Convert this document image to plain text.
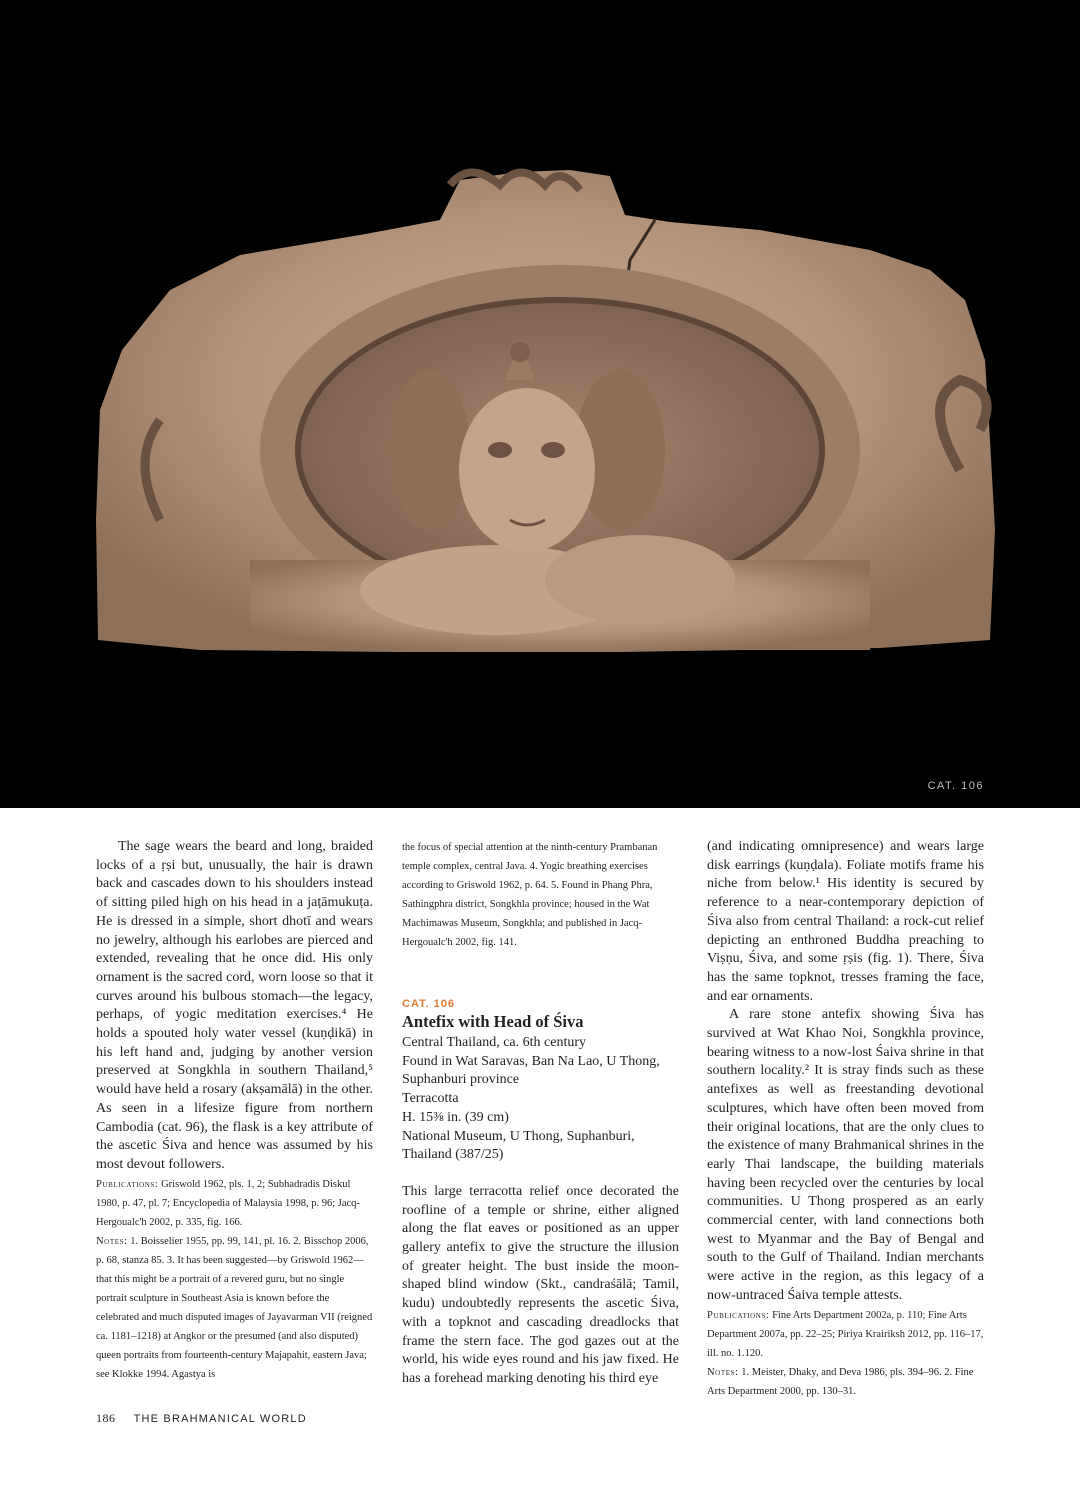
CAT. 106

The sage wears the beard and long, braided locks of a ṛṣi but, unusually, the hair is drawn back and cascades down to his shoulders instead of sitting piled high on his head in a jaṭāmukuṭa. He is dressed in a simple, short dhotī and wears no jewelry, although his earlobes are pierced and extended, revealing that he once did. His only ornament is the sacred cord, worn loose so that it curves around his bulbous stomach—the legacy, perhaps, of yogic meditation exercises.⁴ He holds a spouted holy water vessel (kuṇḍikā) in his left hand and, judging by another version preserved at Songkhla in southern Thailand,⁵ would have held a rosary (akṣamālā) in the other. As seen in a lifesize figure from northern Cambodia (cat. 96), the flask is a key attribute of the ascetic Śiva and hence was assumed by his most devout followers.

Publications: Griswold 1962, pls. 1, 2; Subhadradis Diskul 1980, p. 47, pl. 7; Encyclopedia of Malaysia 1998, p. 96; Jacq-Hergoualc'h 2002, p. 335, fig. 166.

Notes: 1. Boisselier 1955, pp. 99, 141, pl. 16. 2. Bisschop 2006, p. 68, stanza 85. 3. It has been suggested—by Griswold 1962—that this might be a portrait of a revered guru, but no single portrait sculpture in Southeast Asia is known before the celebrated and much disputed images of Jayavarman VII (reigned ca. 1181–1218) at Angkor or the presumed (and also disputed) queen portraits from fourteenth-century Majapahit, eastern Java; see Klokke 1994. Agastya is

the focus of special attention at the ninth-century Prambanan temple complex, central Java. 4. Yogic breathing exercises according to Griswold 1962, p. 64. 5. Found in Phang Phra, Sathingphra district, Songkhla province; housed in the Wat Machimawas Museum, Songkhla; and published in Jacq-Hergoualc'h 2002, fig. 141.

CAT. 106
Antefix with Head of Śiva

Central Thailand, ca. 6th century

Found in Wat Saravas, Ban Na Lao, U Thong, Suphanburi province

Terracotta

H. 15⅜ in. (39 cm)

National Museum, U Thong, Suphanburi, Thailand (387/25)

This large terracotta relief once decorated the roofline of a temple or shrine, either aligned along the flat eaves or positioned as an upper gallery antefix to give the structure the illusion of greater height. The bust inside the moon-shaped blind window (Skt., candraśālā; Tamil, kudu) undoubtedly represents the ascetic Śiva, with a topknot and cascading dreadlocks that frame the stern face. The god gazes out at the world, his wide eyes round and his jaw fixed. He has a forehead marking denoting his third eye

(and indicating omnipresence) and wears large disk earrings (kuṇḍala). Foliate motifs frame his niche from below.¹ His identity is secured by reference to a near-contemporary depiction of Śiva also from central Thailand: a rock-cut relief depicting an enthroned Buddha preaching to Viṣṇu, Śiva, and some ṛṣis (fig. 1). There, Śiva has the same topknot, tresses framing the face, and ear ornaments.

A rare stone antefix showing Śiva has survived at Wat Khao Noi, Songkhla province, bearing witness to a now-lost Śaiva shrine in that southern locality.² It is stray finds such as these antefixes as well as freestanding devotional sculptures, which have often been moved from their original locations, that are the only clues to the existence of many Brahmanical shrines in the early Thai landscape, the building materials having been recycled over the centuries by local communities. U Thong prospered as an early commercial center, with land connections both west to Myanmar and the Bay of Bengal and south to the Gulf of Thailand. Indian merchants were active in the region, as this legacy of a now-untraced Śaiva temple attests.

Publications: Fine Arts Department 2002a, p. 110; Fine Arts Department 2007a, pp. 22–25; Piriya Krairiksh 2012, pp. 116–17, ill. no. 1.120.

Notes: 1. Meister, Dhaky, and Deva 1986, pls. 394–96. 2. Fine Arts Department 2000, pp. 130–31.

186 THE BRAHMANICAL WORLD
